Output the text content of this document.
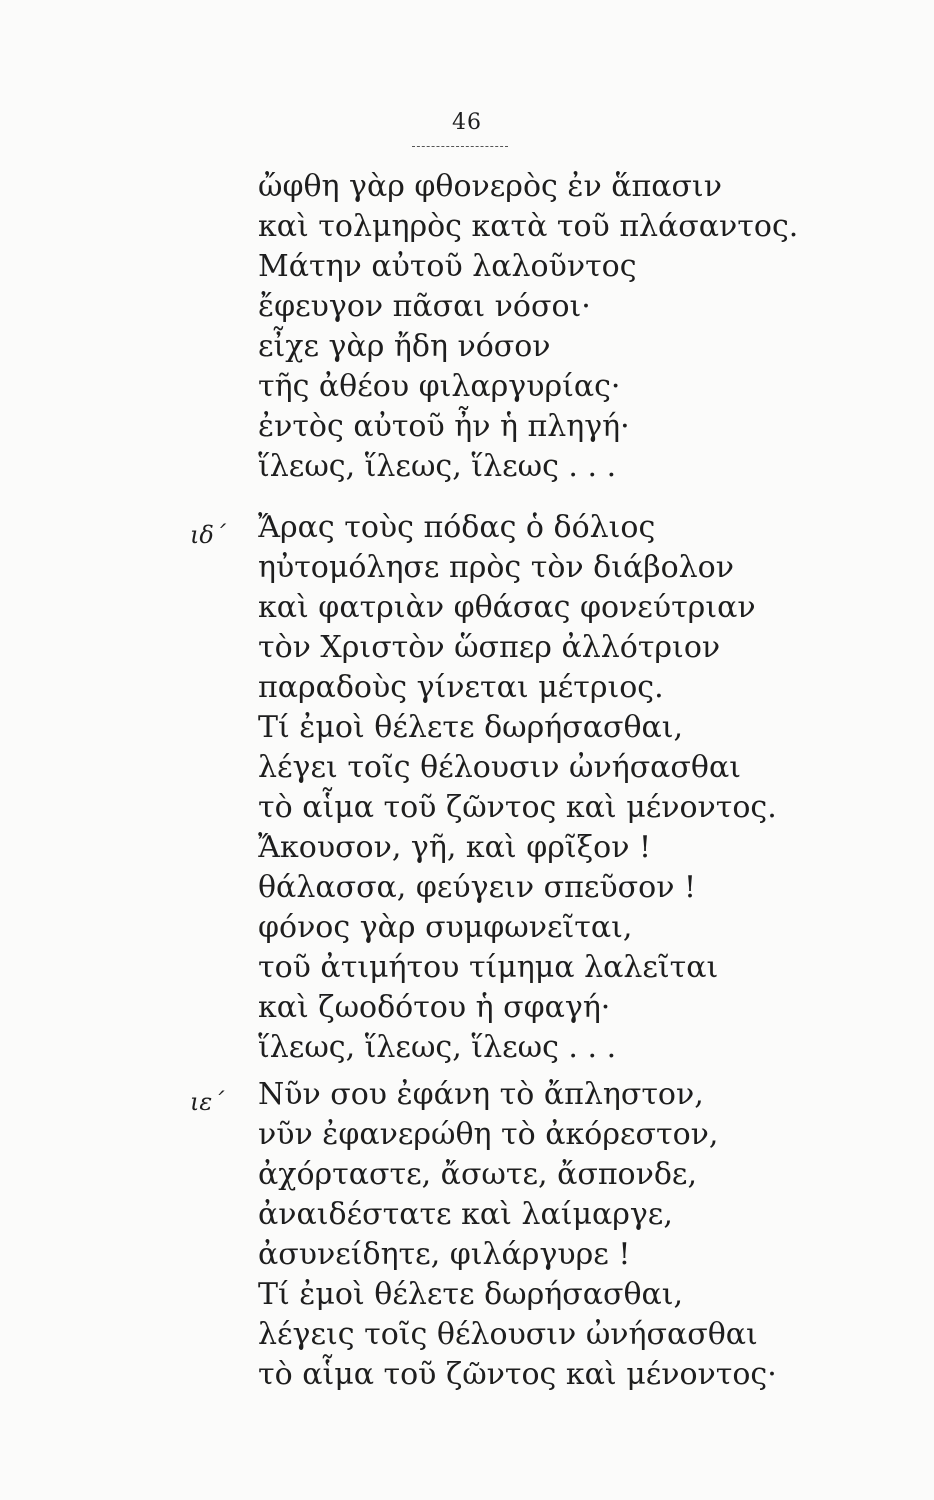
46
ὤφθη γὰρ φθονερὸς ἐν ἅπασιν
καὶ τολμηρὸς κατὰ τοῦ πλάσαντος.
Μάτην αὐτοῦ λαλοῦντος
ἔφευγον πᾶσαι νόσοι·
εἶχε γὰρ ἤδη νόσον
τῆς ἀθέου φιλαργυρίας·
ἐντὸς αὐτοῦ ἦν ἡ πληγή·
ἵλεως, ἵλεως, ἵλεως . . .
ιδ΄ Ἄρας τοὺς πόδας ὁ δόλιος
ηὐτομόλησε πρὸς τὸν διάβολον
καὶ φατριὰν φθάσας φονεύτριαν
τὸν Χριστὸν ὥσπερ ἀλλότριον
παραδοὺς γίνεται μέτριος.
Τί ἐμοὶ θέλετε δωρήσασθαι,
λέγει τοῖς θέλουσιν ὠνήσασθαι
τὸ αἷμα τοῦ ζῶντος καὶ μένοντος.
Ἄκουσον, γῆ, καὶ φρῖξον !
θάλασσα, φεύγειν σπεῦσον !
φόνος γὰρ συμφωνεῖται,
τοῦ ἀτιμήτου τίμημα λαλεῖται
καὶ ζωοδότου ἡ σφαγή·
ἵλεως, ἵλεως, ἵλεως . . .
ιε΄ Νῦν σου ἐφάνη τὸ ἄπληστον,
νῦν ἐφανερώθη τὸ ἀκόρεστον,
ἀχόρταστε, ἄσωτε, ἄσπονδε,
ἀναιδέστατε καὶ λαίμαργε,
ἀσυνείδητε, φιλάργυρε !
Τί ἐμοὶ θέλετε δωρήσασθαι,
λέγεις τοῖς θέλουσιν ὠνήσασθαι
τὸ αἷμα τοῦ ζῶντος καὶ μένοντος·
